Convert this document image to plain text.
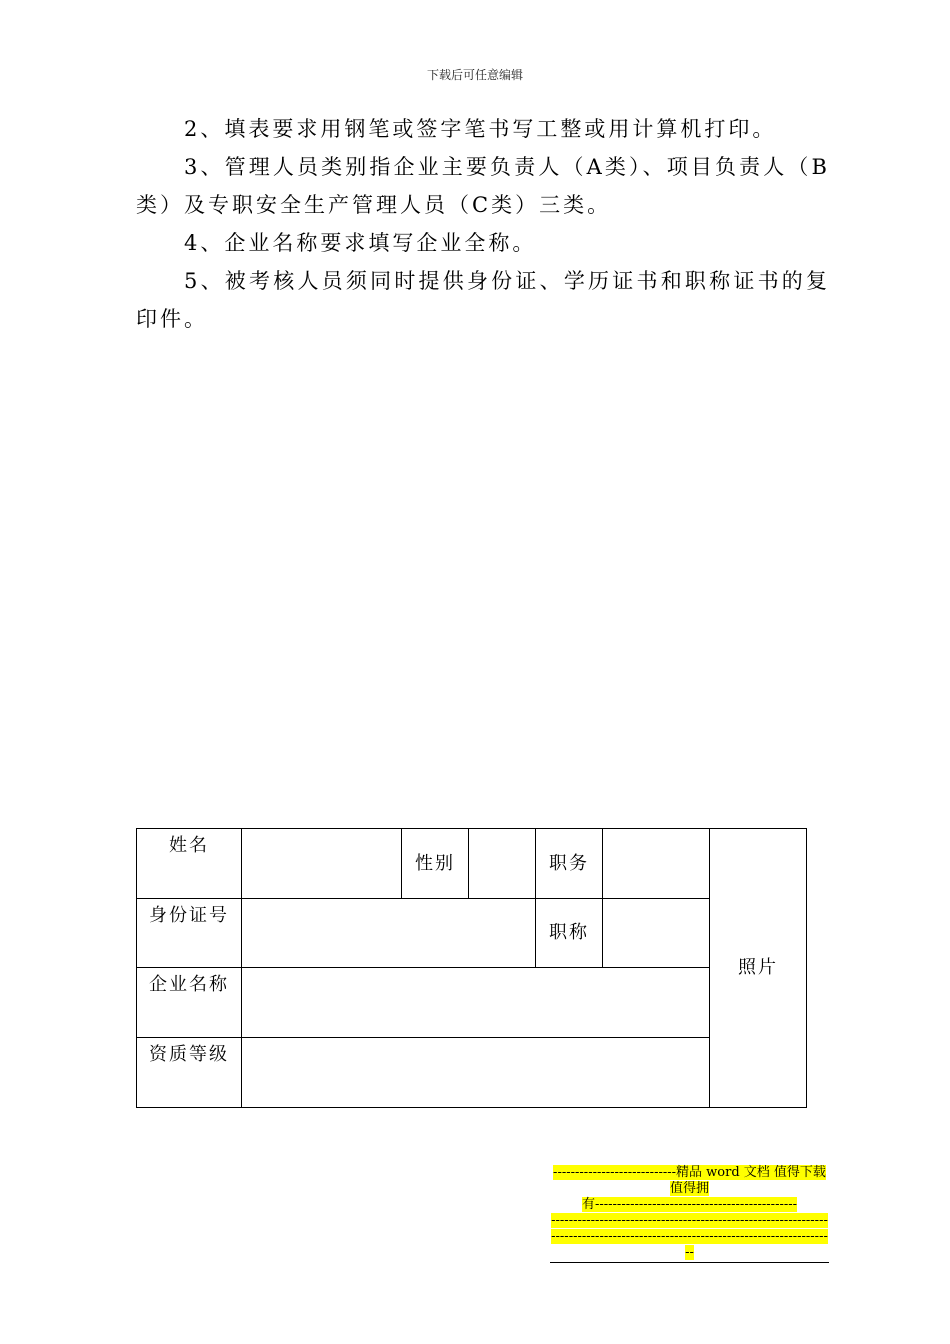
下载后可任意编辑

2、填表要求用钢笔或签字笔书写工整或用计算机打印。

3、管理人员类别指企业主要负责人（A类）、项目负责人（B类）及专职安全生产管理人员（C类）三类。

4、企业名称要求填写企业全称。

5、被考核人员须同时提供身份证、学历证书和职称证书的复印件。

姓名		性别		职务		照片
身份证号				职称		
企业名称						
资质等级						
----------------------------精品 word 文档 值得下载 值得拥
有----------------------------------------------
--------------------------------------------------------------------------------------------------------------------------------
